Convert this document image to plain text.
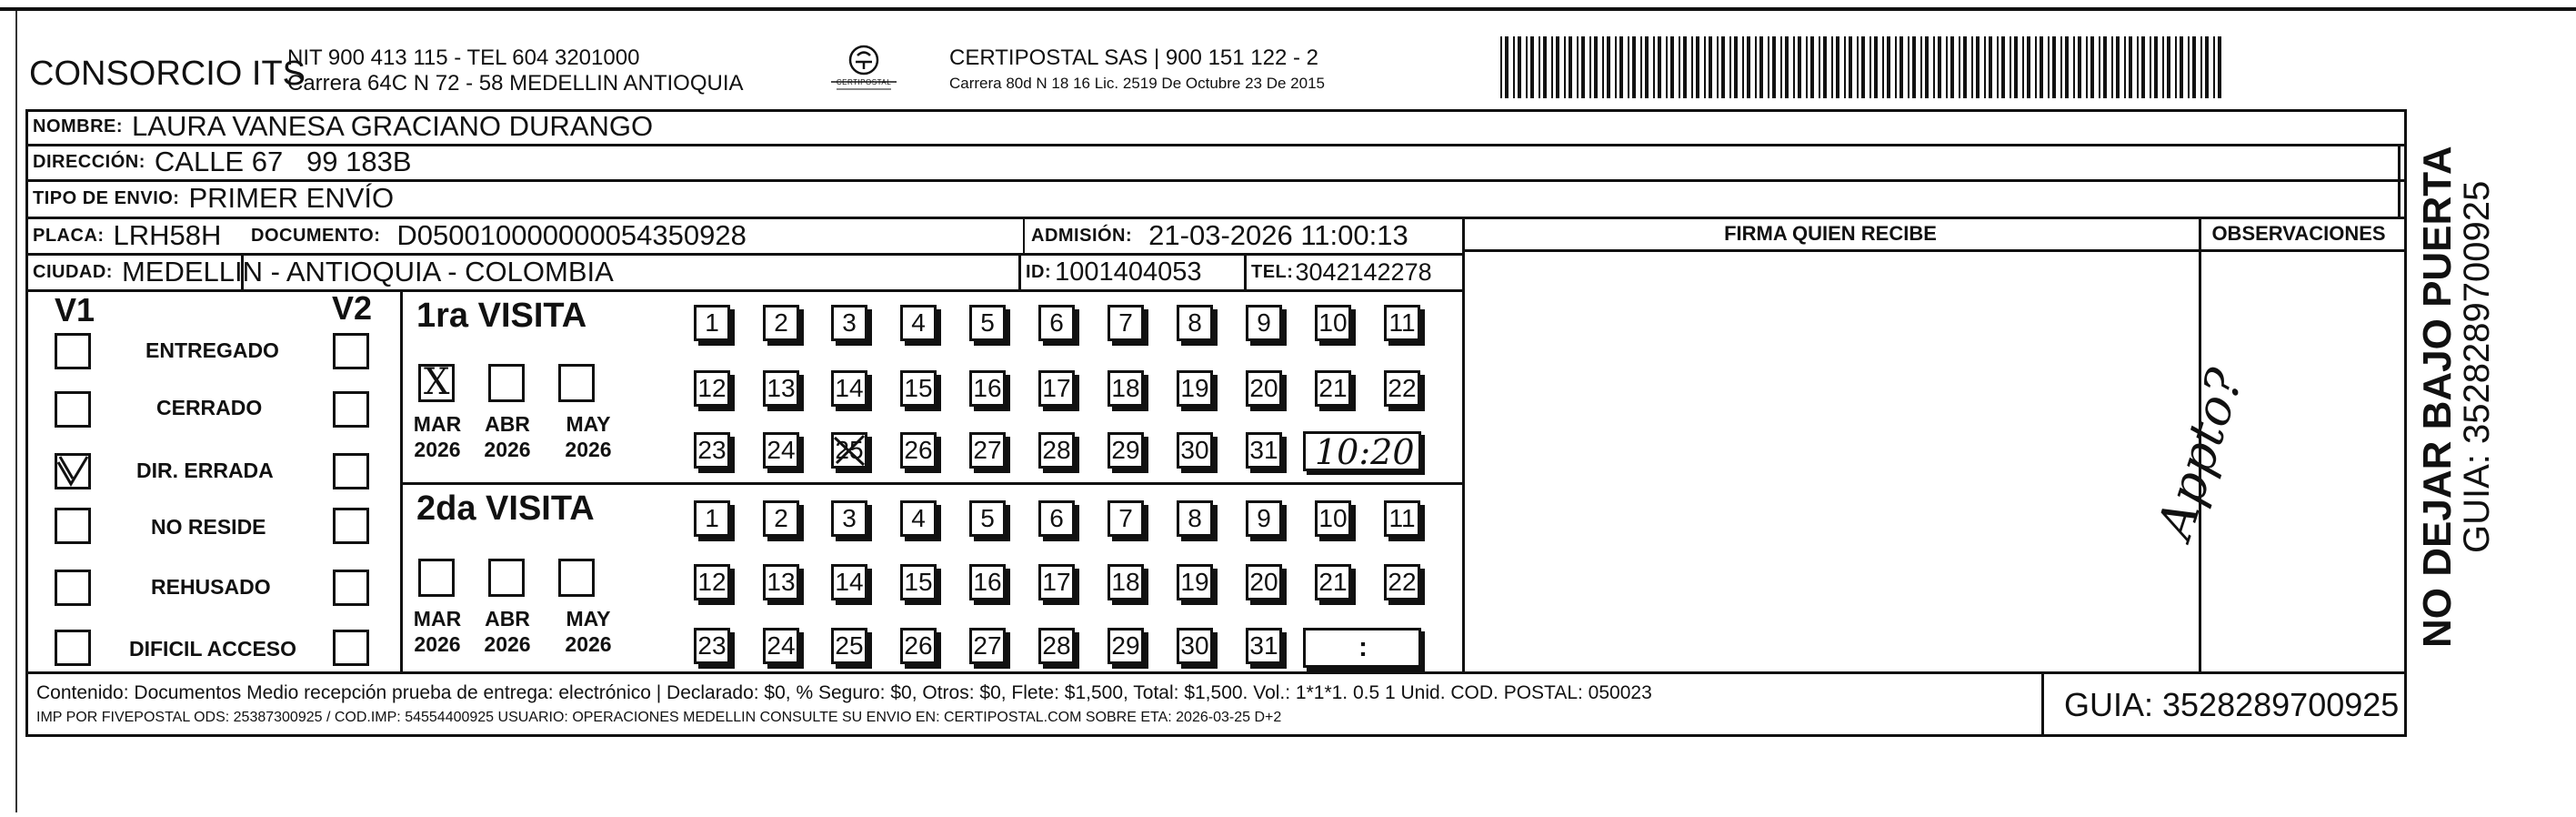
CONSORCIO ITS
NIT 900 413 115 - TEL 604 3201000
Carrera 64C N 72 - 58 MEDELLIN ANTIOQUIA	CERTIPOSTAL
CERTIPOSTAL SAS | 900 151 122 - 2
Carrera 80d N 18 16 Lic. 2519 De Octubre 23 De 2015
NOMBRE: LAURA VANESA GRACIANO DURANGO
DIRECCIÓN: CALLE 67   99 183B
TIPO DE ENVIO: PRIMER ENVÍO
PLACA: LRH58H DOCUMENTO: D050010000000054350928	ADMISIÓN: 21-03-2026 11:00:13
CIUDAD: MEDELLIN - ANTIOQUIA - COLOMBIA	ID: 1001404053	TEL: 3042142278
FIRMA QUIEN RECIBE	OBSERVACIONES
V1	V2
ENTREGADO
CERRADO
DIR. ERRADA
NO RESIDE
REHUSADO
DIFICIL ACCESO
1ra VISITA
X
MAR
2026
ABR
2026
MAY
2026
1	2	3	4	5	6	7	8	9	10 11
12 13 14 15 16 17 18 19 20 21 22
23 24 25 26 27 28 29 30 31 10:20
2da VISITA
MAR
2026
ABR
2026
MAY
2026
1	2	3	4	5	6	7	8	9	10 11
12 13 14 15 16 17 18 19 20 21 22
23 24 25 26 27 28 29 30 31	:
Appto?
Contenido: Documentos Medio recepción prueba de entrega: electrónico | Declarado: $0, % Seguro: $0, Otros: $0, Flete: $1,500, Total: $1,500. Vol.: 1*1*1. 0.5 1 Unid. COD. POSTAL: 050023
IMP POR FIVEPOSTAL ODS: 25387300925 / COD.IMP: 54554400925 USUARIO: OPERACIONES MEDELLIN CONSULTE SU ENVIO EN: CERTIPOSTAL.COM SOBRE ETA: 2026-03-25 D+2	GUIA: 3528289700925
NO DEJAR BAJO PUERTA
GUIA: 3528289700925
